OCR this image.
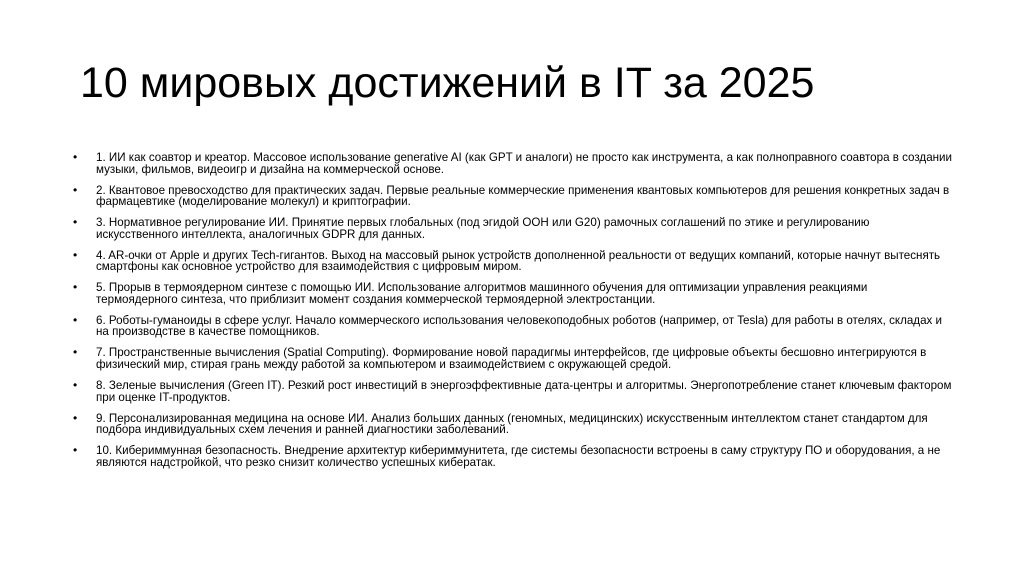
10 мировых достижений в IT за 2025
• 1. ИИ как соавтор и креатор. Массовое использование generative AI (как GPT и аналоги) не просто как инструмента, а как полноправного соавтора в создании музыки, фильмов, видеоигр и дизайна на коммерческой основе.
• 2. Квантовое превосходство для практических задач. Первые реальные коммерческие применения квантовых компьютеров для решения конкретных задач в фармацевтике (моделирование молекул) и криптографии.
• 3. Нормативное регулирование ИИ. Принятие первых глобальных (под эгидой ООН или G20) рамочных соглашений по этике и регулированию искусственного интеллекта, аналогичных GDPR для данных.
• 4. AR-очки от Apple и других Tech-гигантов. Выход на массовый рынок устройств дополненной реальности от ведущих компаний, которые начнут вытеснять смартфоны как основное устройство для взаимодействия с цифровым миром.
• 5. Прорыв в термоядерном синтезе с помощью ИИ. Использование алгоритмов машинного обучения для оптимизации управления реакциями термоядерного синтеза, что приблизит момент создания коммерческой термоядерной электростанции.
• 6. Роботы-гуманоиды в сфере услуг. Начало коммерческого использования человекоподобных роботов (например, от Tesla) для работы в отелях, складах и на производстве в качестве помощников.
• 7. Пространственные вычисления (Spatial Computing). Формирование новой парадигмы интерфейсов, где цифровые объекты бесшовно интегрируются в физический мир, стирая грань между работой за компьютером и взаимодействием с окружающей средой.
• 8. Зеленые вычисления (Green IT). Резкий рост инвестиций в энергоэффективные дата-центры и алгоритмы. Энергопотребление станет ключевым фактором при оценке IT-продуктов.
• 9. Персонализированная медицина на основе ИИ. Анализ больших данных (геномных, медицинских) искусственным интеллектом станет стандартом для подбора индивидуальных схем лечения и ранней диагностики заболеваний.
• 10. Кибериммунная безопасность. Внедрение архитектур кибериммунитета, где системы безопасности встроены в саму структуру ПО и оборудования, а не являются надстройкой, что резко снизит количество успешных кибератак.
